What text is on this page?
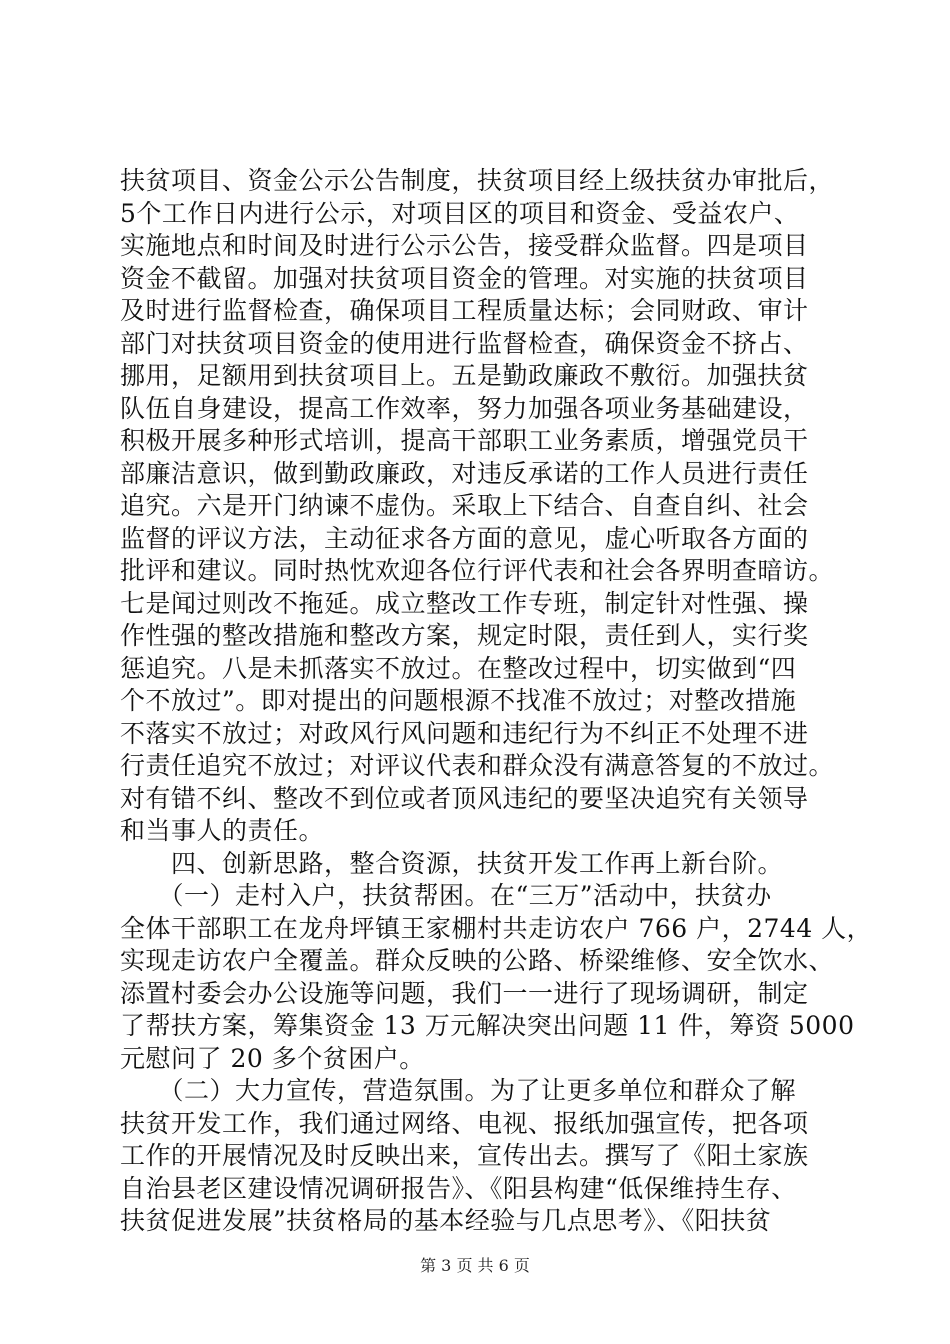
扶贫项目、资金公示公告制度，扶贫项目经上级扶贫办审批后，
5个工作日内进行公示，对项目区的项目和资金、受益农户、
实施地点和时间及时进行公示公告，接受群众监督。四是项目
资金不截留。加强对扶贫项目资金的管理。对实施的扶贫项目
及时进行监督检查，确保项目工程质量达标；会同财政、审计
部门对扶贫项目资金的使用进行监督检查，确保资金不挤占、
挪用，足额用到扶贫项目上。五是勤政廉政不敷衍。加强扶贫
队伍自身建设，提高工作效率，努力加强各项业务基础建设，
积极开展多种形式培训，提高干部职工业务素质，增强党员干
部廉洁意识，做到勤政廉政，对违反承诺的工作人员进行责任
追究。六是开门纳谏不虚伪。采取上下结合、自查自纠、社会
监督的评议方法，主动征求各方面的意见，虚心听取各方面的
批评和建议。同时热忱欢迎各位行评代表和社会各界明查暗访。
七是闻过则改不拖延。成立整改工作专班，制定针对性强、操
作性强的整改措施和整改方案，规定时限，责任到人，实行奖
惩追究。八是未抓落实不放过。在整改过程中，切实做到“四
个不放过”。即对提出的问题根源不找准不放过；对整改措施
不落实不放过；对政风行风问题和违纪行为不纠正不处理不进
行责任追究不放过；对评议代表和群众没有满意答复的不放过。
对有错不纠、整改不到位或者顶风违纪的要坚决追究有关领导
和当事人的责任。
　　四、创新思路，整合资源，扶贫开发工作再上新台阶。
　　（一）走村入户，扶贫帮困。在“三万”活动中，扶贫办
全体干部职工在龙舟坪镇王家棚村共走访农户 766 户，2744 人，
实现走访农户全覆盖。群众反映的公路、桥梁维修、安全饮水、
添置村委会办公设施等问题，我们一一进行了现场调研，制定
了帮扶方案，筹集资金 13 万元解决突出问题 11 件，筹资 5000
元慰问了 20 多个贫困户。
　　（二）大力宣传，营造氛围。为了让更多单位和群众了解
扶贫开发工作，我们通过网络、电视、报纸加强宣传，把各项
工作的开展情况及时反映出来，宣传出去。撰写了《阳土家族
自治县老区建设情况调研报告》、《阳县构建“低保维持生存、
扶贫促进发展”扶贫格局的基本经验与几点思考》、《阳扶贫
第 3 页 共 6 页
